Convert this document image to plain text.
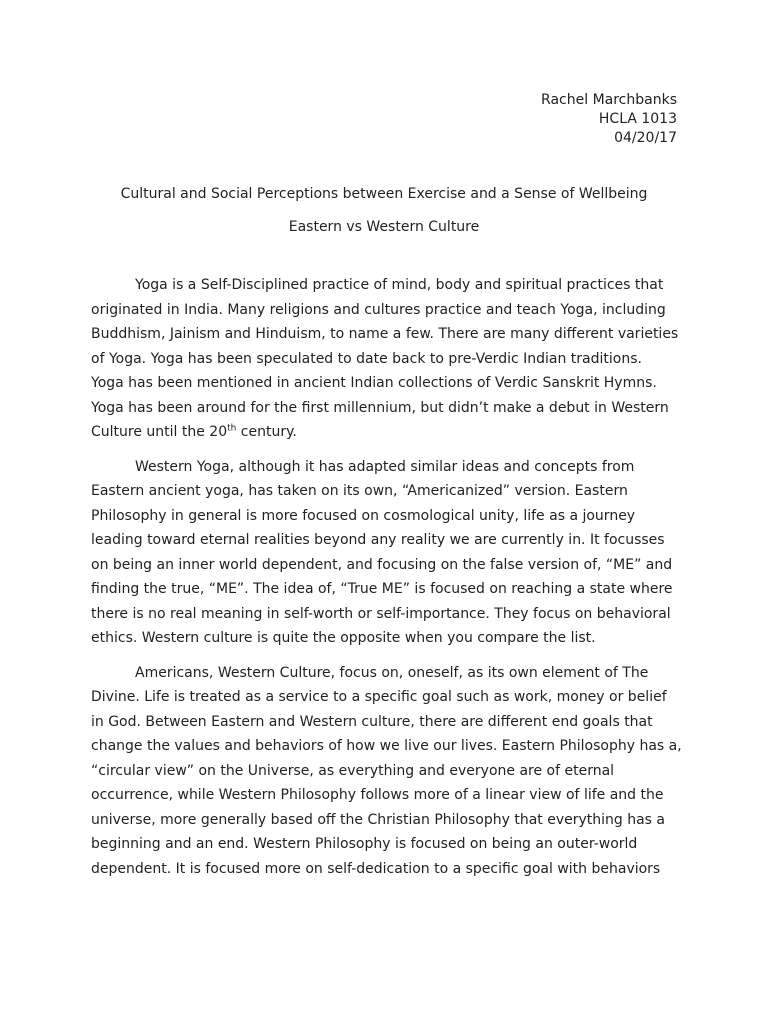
Rachel Marchbanks
HCLA 1013
04/20/17
Cultural and Social Perceptions between Exercise and a Sense of Wellbeing
Eastern vs Western Culture

Yoga is a Self-Disciplined practice of mind, body and spiritual practices that
originated in India. Many religions and cultures practice and teach Yoga, including
Buddhism, Jainism and Hinduism, to name a few. There are many different varieties
of Yoga. Yoga has been speculated to date back to pre-Verdic Indian traditions.
Yoga has been mentioned in ancient Indian collections of Verdic Sanskrit Hymns.
Yoga has been around for the first millennium, but didn’t make a debut in Western
Culture until the 20th century.

Western Yoga, although it has adapted similar ideas and concepts from
Eastern ancient yoga, has taken on its own, “Americanized” version. Eastern
Philosophy in general is more focused on cosmological unity, life as a journey
leading toward eternal realities beyond any reality we are currently in. It focusses
on being an inner world dependent, and focusing on the false version of, “ME” and
finding the true, “ME”. The idea of, “True ME” is focused on reaching a state where
there is no real meaning in self-worth or self-importance. They focus on behavioral
ethics. Western culture is quite the opposite when you compare the list.

Americans, Western Culture, focus on, oneself, as its own element of The
Divine. Life is treated as a service to a specific goal such as work, money or belief
in God. Between Eastern and Western culture, there are different end goals that
change the values and behaviors of how we live our lives. Eastern Philosophy has a,
“circular view” on the Universe, as everything and everyone are of eternal
occurrence, while Western Philosophy follows more of a linear view of life and the
universe, more generally based off the Christian Philosophy that everything has a
beginning and an end. Western Philosophy is focused on being an outer-world
dependent. It is focused more on self-dedication to a specific goal with behaviors
